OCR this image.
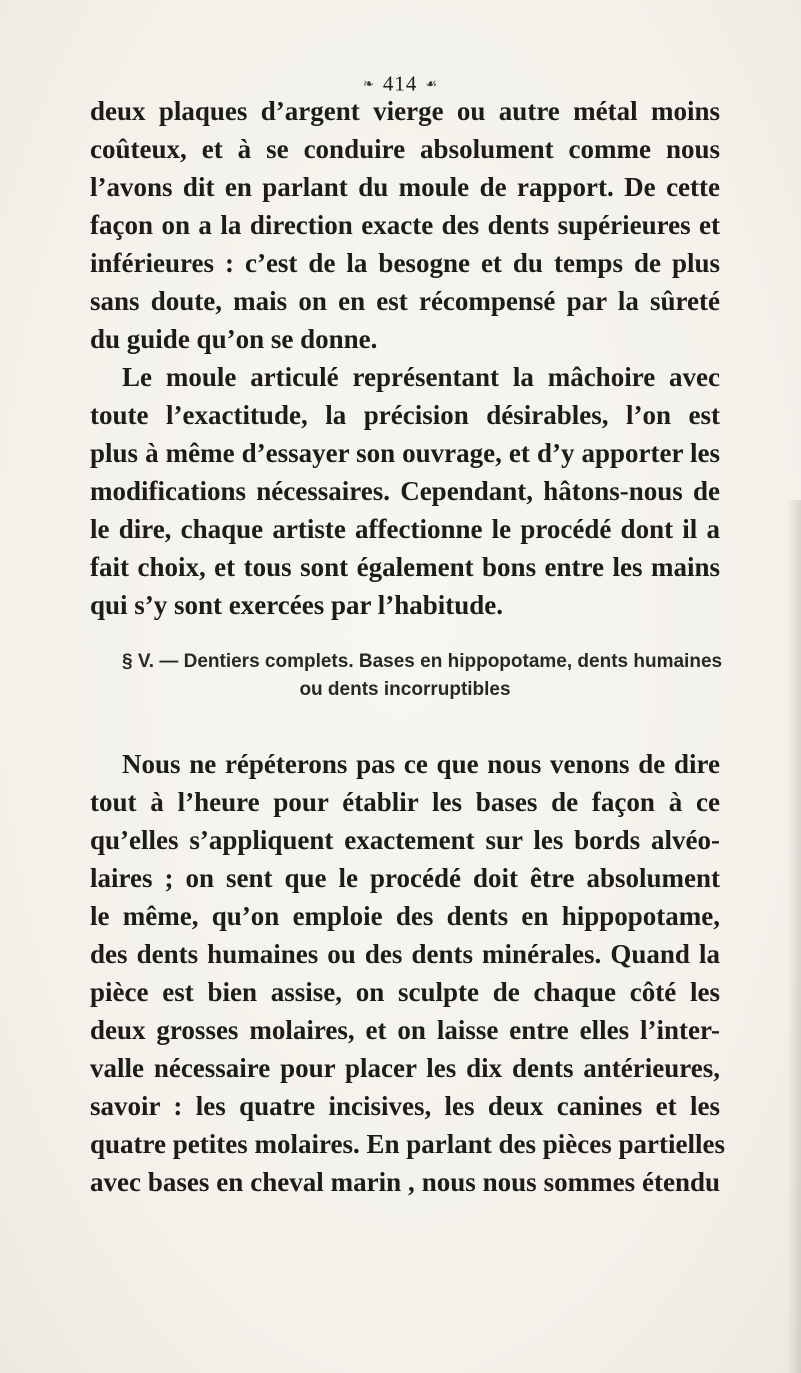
❧ 414 ☙
deux plaques d’argent vierge ou autre métal moins
coûteux, et à se conduire absolument comme nous
l’avons dit en parlant du moule de rapport. De cette
façon on a la direction exacte des dents supérieures et
inférieures : c’est de la besogne et du temps de plus
sans doute, mais on en est récompensé par la sûreté
du guide qu’on se donne.
Le moule articulé représentant la mâchoire avec
toute l’exactitude, la précision désirables, l’on est
plus à même d’essayer son ouvrage, et d’y apporter les
modifications nécessaires. Cependant, hâtons-nous de
le dire, chaque artiste affectionne le procédé dont il a
fait choix, et tous sont également bons entre les mains
qui s’y sont exercées par l’habitude.
§ V. — Dentiers complets. Bases en hippopotame, dents humaines
ou dents incorruptibles
Nous ne répéterons pas ce que nous venons de dire
tout à l’heure pour établir les bases de façon à ce
qu’elles s’appliquent exactement sur les bords alvéo-
laires ; on sent que le procédé doit être absolument
le même, qu’on emploie des dents en hippopotame,
des dents humaines ou des dents minérales. Quand la
pièce est bien assise, on sculpte de chaque côté les
deux grosses molaires, et on laisse entre elles l’inter-
valle nécessaire pour placer les dix dents antérieures,
savoir : les quatre incisives, les deux canines et les
quatre petites molaires. En parlant des pièces partielles
avec bases en cheval marin , nous nous sommes étendu
